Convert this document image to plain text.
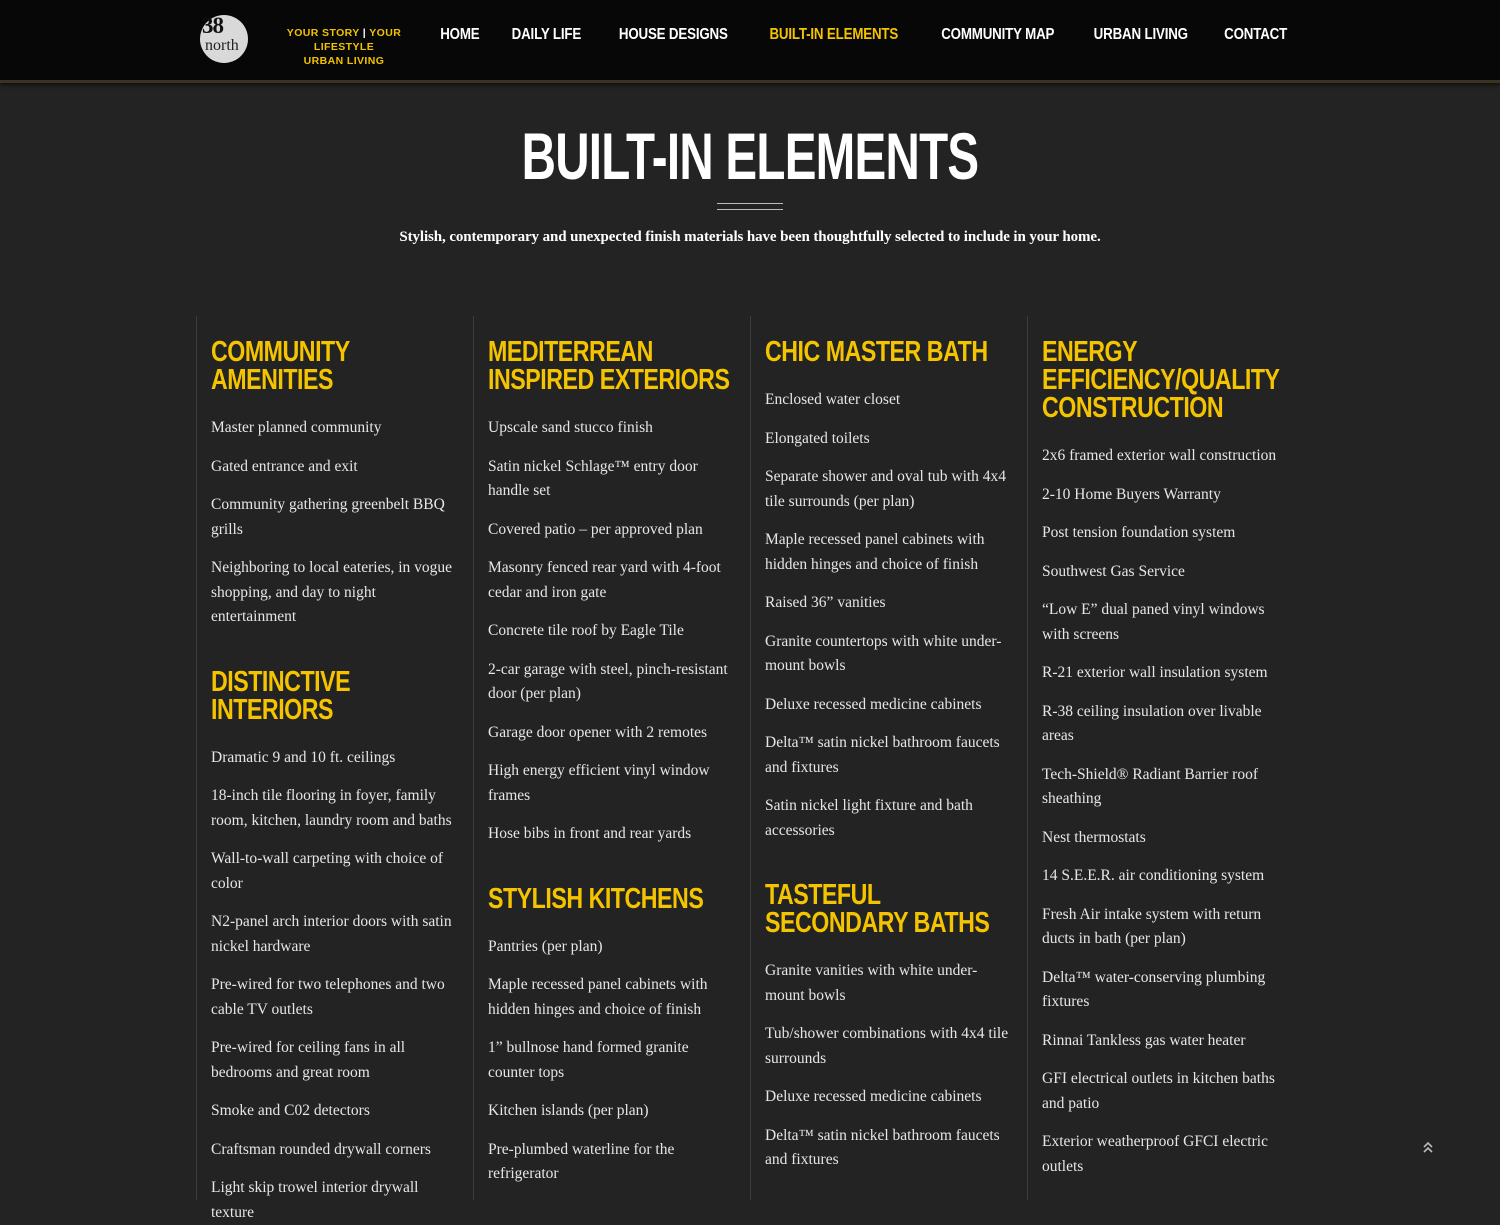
38
north
YOUR STORY | YOUR LIFESTYLE
URBAN LIVING
HOME DAILY LIFE HOUSE DESIGNS	BUILT-IN ELEMENTS	COMMUNITY MAP	URBAN LIVING CONTACT
BUILT-IN ELEMENTS
Stylish, contemporary and unexpected finish materials have been thoughtfully selected to include in your home.
COMMUNITY AMENITIES
Master planned community
Gated entrance and exit
Community gathering greenbelt BBQ grills
Neighboring to local eateries, in vogue shopping, and day to night entertainment
DISTINCTIVE INTERIORS
Dramatic 9 and 10 ft. ceilings
18-inch tile flooring in foyer, family room, kitchen, laundry room and baths
Wall-to-wall carpeting with choice of color
N2-panel arch interior doors with satin nickel hardware
Pre-wired for two telephones and two cable TV outlets
Pre-wired for ceiling fans in all bedrooms and great room
Smoke and C02 detectors
Craftsman rounded drywall corners
Light skip trowel interior drywall texture
MEDITERREAN INSPIRED EXTERIORS
Upscale sand stucco finish
Satin nickel Schlage™ entry door handle set
Covered patio – per approved plan
Masonry fenced rear yard with 4-foot cedar and iron gate
Concrete tile roof by Eagle Tile
2-car garage with steel, pinch-resistant door (per plan)
Garage door opener with 2 remotes
High energy efficient vinyl window frames
Hose bibs in front and rear yards
STYLISH KITCHENS
Pantries (per plan)
Maple recessed panel cabinets with hidden hinges and choice of finish
1” bullnose hand formed granite counter tops
Kitchen islands (per plan)
Pre-plumbed waterline for the refrigerator
CHIC MASTER BATH
Enclosed water closet
Elongated toilets
Separate shower and oval tub with 4x4 tile surrounds (per plan)
Maple recessed panel cabinets with hidden hinges and choice of finish
Raised 36” vanities
Granite countertops with white under-mount bowls
Deluxe recessed medicine cabinets
Delta™ satin nickel bathroom faucets and fixtures
Satin nickel light fixture and bath accessories
TASTEFUL SECONDARY BATHS
Granite vanities with white under-mount bowls
Tub/shower combinations with 4x4 tile surrounds
Deluxe recessed medicine cabinets
Delta™ satin nickel bathroom faucets and fixtures
ENERGY EFFICIENCY/QUALITY CONSTRUCTION
2x6 framed exterior wall construction
2-10 Home Buyers Warranty
Post tension foundation system
Southwest Gas Service
“Low E” dual paned vinyl windows with screens
R-21 exterior wall insulation system
R-38 ceiling insulation over livable areas
Tech-Shield® Radiant Barrier roof sheathing
Nest thermostats
14 S.E.E.R. air conditioning system
Fresh Air intake system with return ducts in bath (per plan)
Delta™ water-conserving plumbing fixtures
Rinnai Tankless gas water heater
GFI electrical outlets in kitchen baths and patio
Exterior weatherproof GFCI electric outlets
